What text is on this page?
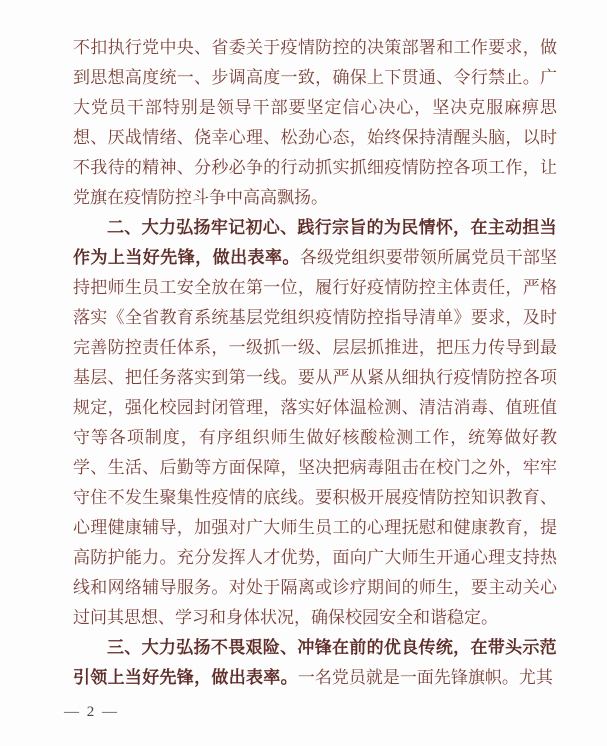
不扣执行党中央、省委关于疫情防控的决策部署和工作要求，做到思想高度统一、步调高度一致，确保上下贯通、令行禁止。广大党员干部特别是领导干部要坚定信心决心，坚决克服麻痹思想、厌战情绪、侥幸心理、松劲心态，始终保持清醒头脑，以时不我待的精神、分秒必争的行动抓实抓细疫情防控各项工作，让党旗在疫情防控斗争中高高飘扬。

二、大力弘扬牢记初心、践行宗旨的为民情怀，在主动担当作为上当好先锋，做出表率。各级党组织要带领所属党员干部坚持把师生员工安全放在第一位，履行好疫情防控主体责任，严格落实《全省教育系统基层党组织疫情防控指导清单》要求，及时完善防控责任体系，一级抓一级、层层抓推进，把压力传导到最基层、把任务落实到第一线。要从严从紧从细执行疫情防控各项规定，强化校园封闭管理，落实好体温检测、清洁消毒、值班值守等各项制度，有序组织师生做好核酸检测工作，统筹做好教学、生活、后勤等方面保障，坚决把病毒阻击在校门之外，牢牢守住不发生聚集性疫情的底线。要积极开展疫情防控知识教育、心理健康辅导，加强对广大师生员工的心理抚慰和健康教育，提高防护能力。充分发挥人才优势，面向广大师生开通心理支持热线和网络辅导服务。对处于隔离或诊疗期间的师生，要主动关心过问其思想、学习和身体状况，确保校园安全和谐稳定。

三、大力弘扬不畏艰险、冲锋在前的优良传统，在带头示范引领上当好先锋，做出表率。一名党员就是一面先锋旗帜。尤其

— 2 —
